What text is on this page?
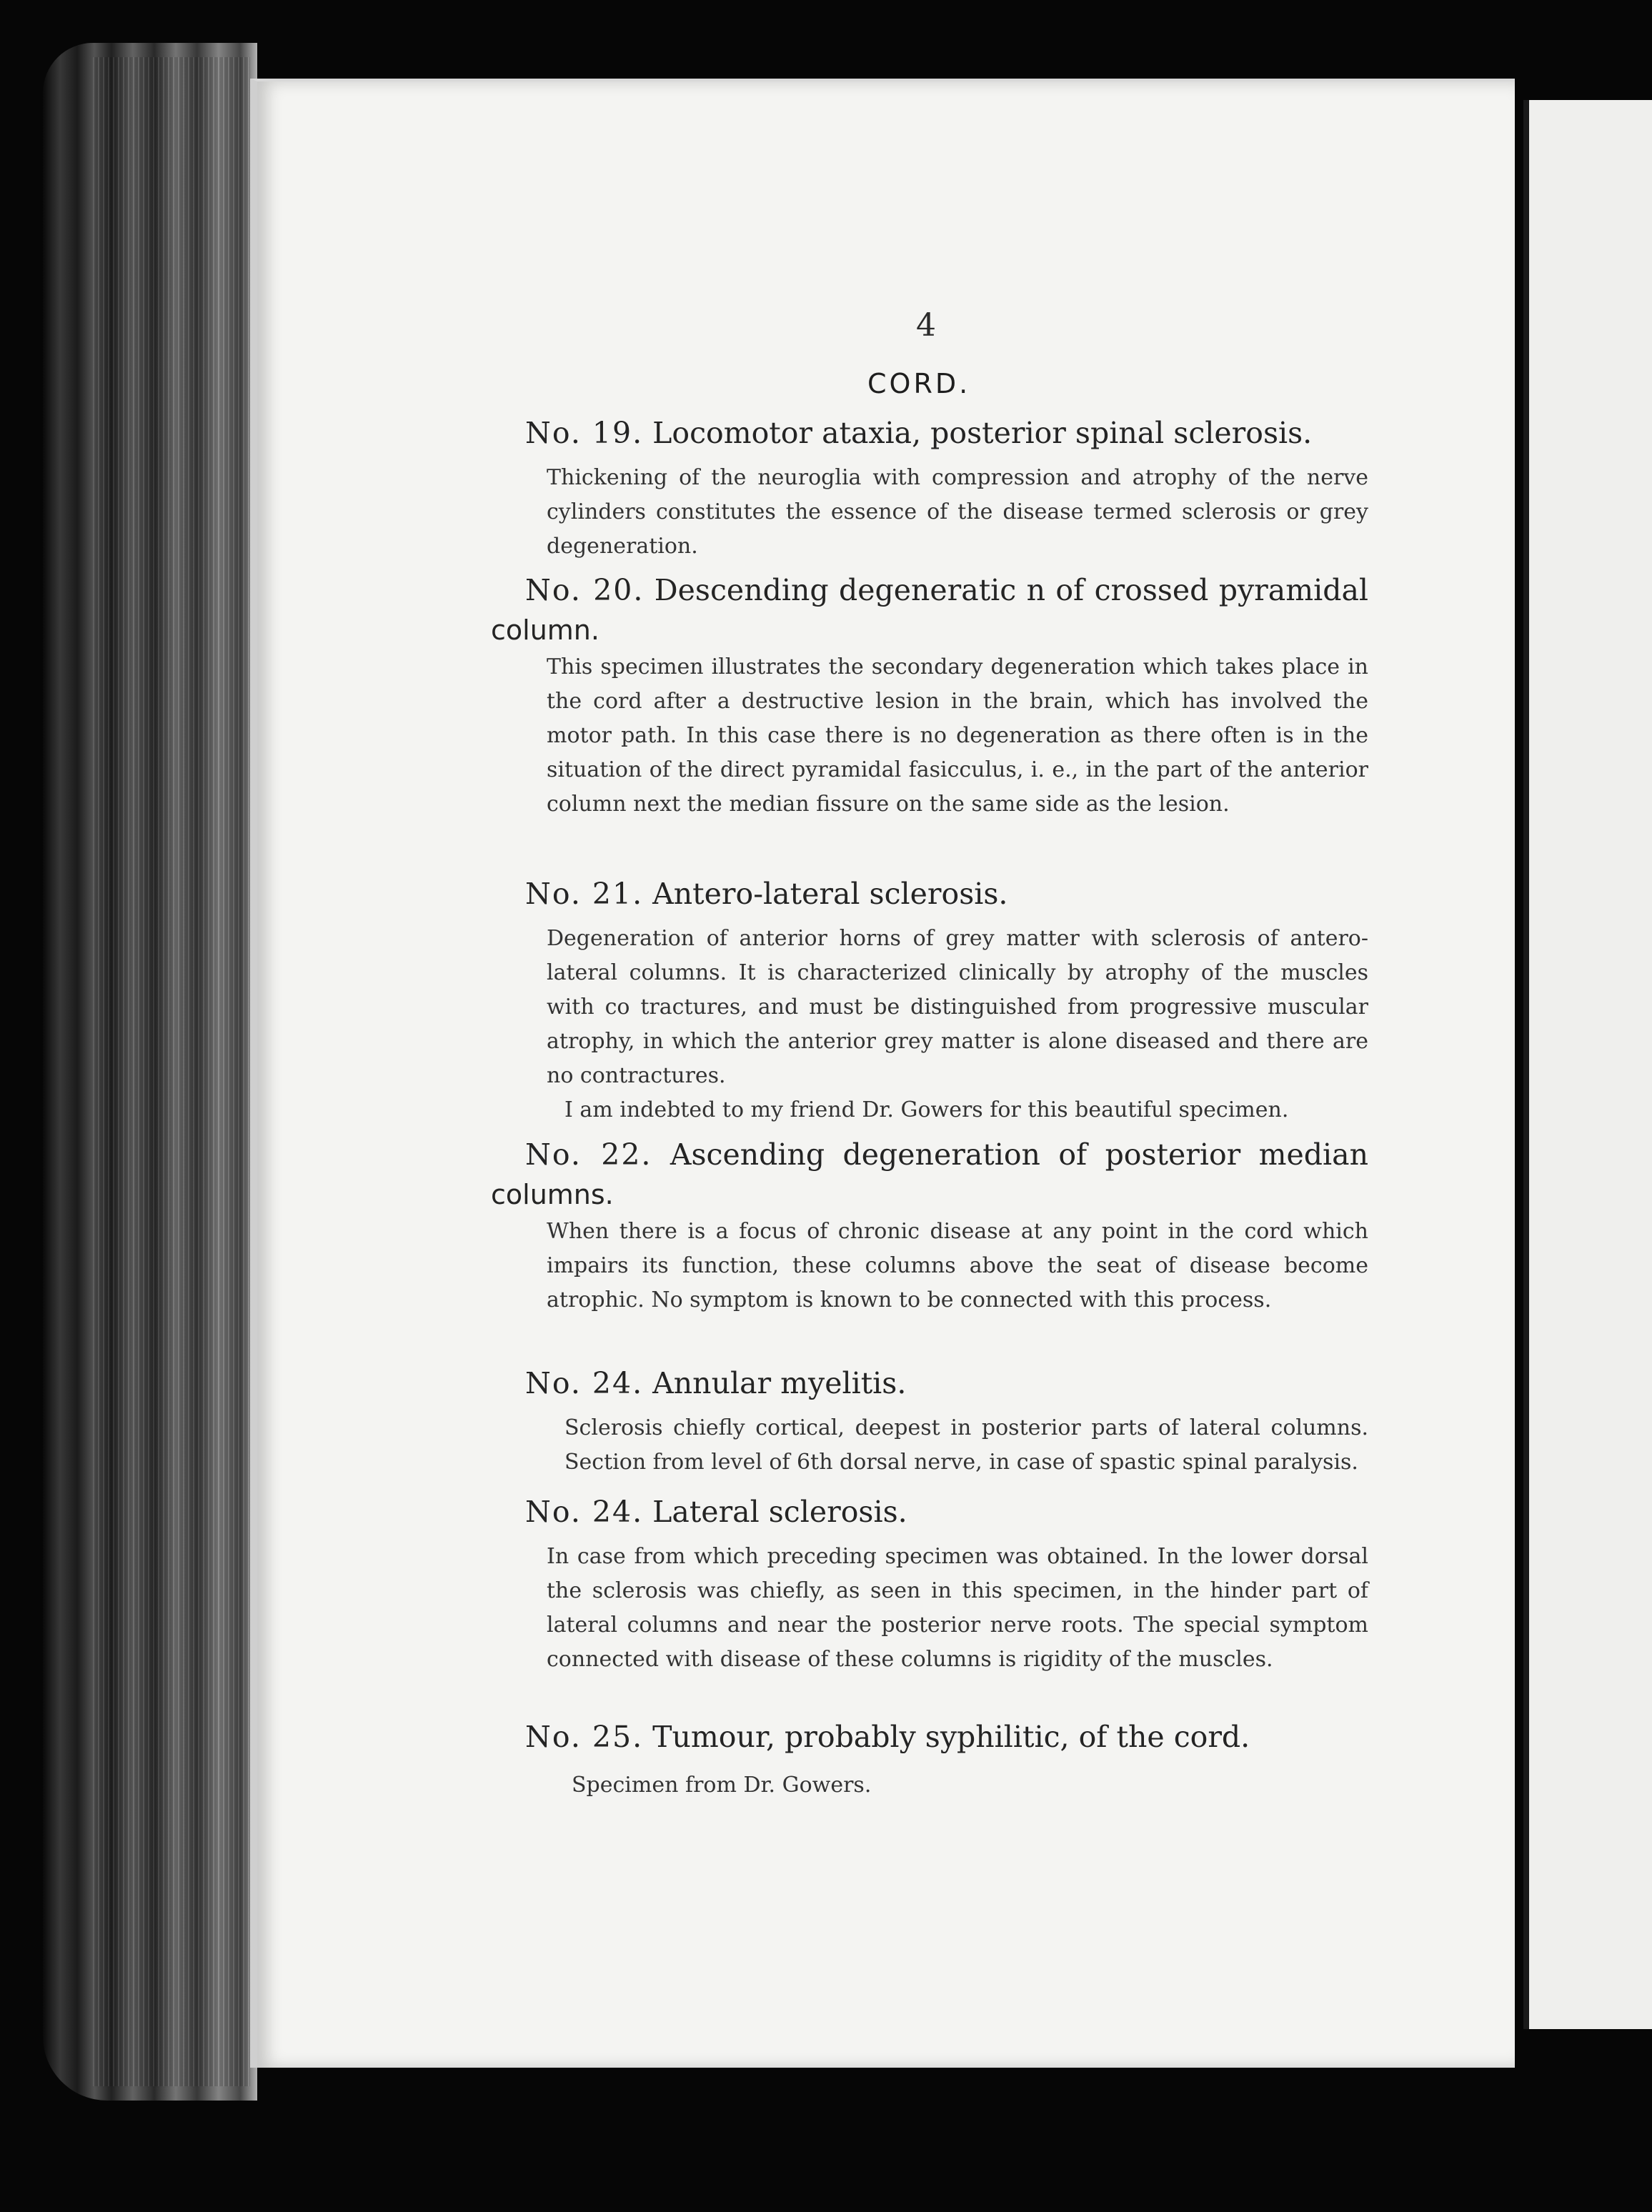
4
CORD.
No. 19. Locomotor ataxia, posterior spinal sclerosis.
Thickening of the neuroglia with compression and atrophy of the nerve cylinders constitutes the essence of the disease termed sclerosis or grey degeneration.
No. 20. Descending degeneratic n of crossed pyramidal
column.
This specimen illustrates the secondary degeneration which takes place in the cord after a destructive lesion in the brain, which has involved the motor path. In this case there is no degeneration as there often is in the situation of the direct pyramidal fasicculus, i. e., in the part of the anterior column next the median fissure on the same side as the lesion.
No. 21. Antero-lateral sclerosis.
Degeneration of anterior horns of grey matter with sclerosis of antero-lateral columns. It is characterized clinically by atrophy of the muscles with co tractures, and must be distinguished from progressive muscular atrophy, in which the anterior grey matter is alone diseased and there are no contractures.
I am indebted to my friend Dr. Gowers for this beautiful specimen.
No. 22. Ascending degeneration of posterior median
columns.
When there is a focus of chronic disease at any point in the cord which impairs its function, these columns above the seat of disease become atrophic. No symptom is known to be connected with this process.
No. 24. Annular myelitis.
Sclerosis chiefly cortical, deepest in posterior parts of lateral columns. Section from level of 6th dorsal nerve, in case of spastic spinal paralysis.
No. 24. Lateral sclerosis.
In case from which preceding specimen was obtained. In the lower dorsal the sclerosis was chiefly, as seen in this specimen, in the hinder part of lateral columns and near the posterior nerve roots. The special symptom connected with disease of these columns is rigidity of the muscles.
No. 25. Tumour, probably syphilitic, of the cord.
Specimen from Dr. Gowers.
